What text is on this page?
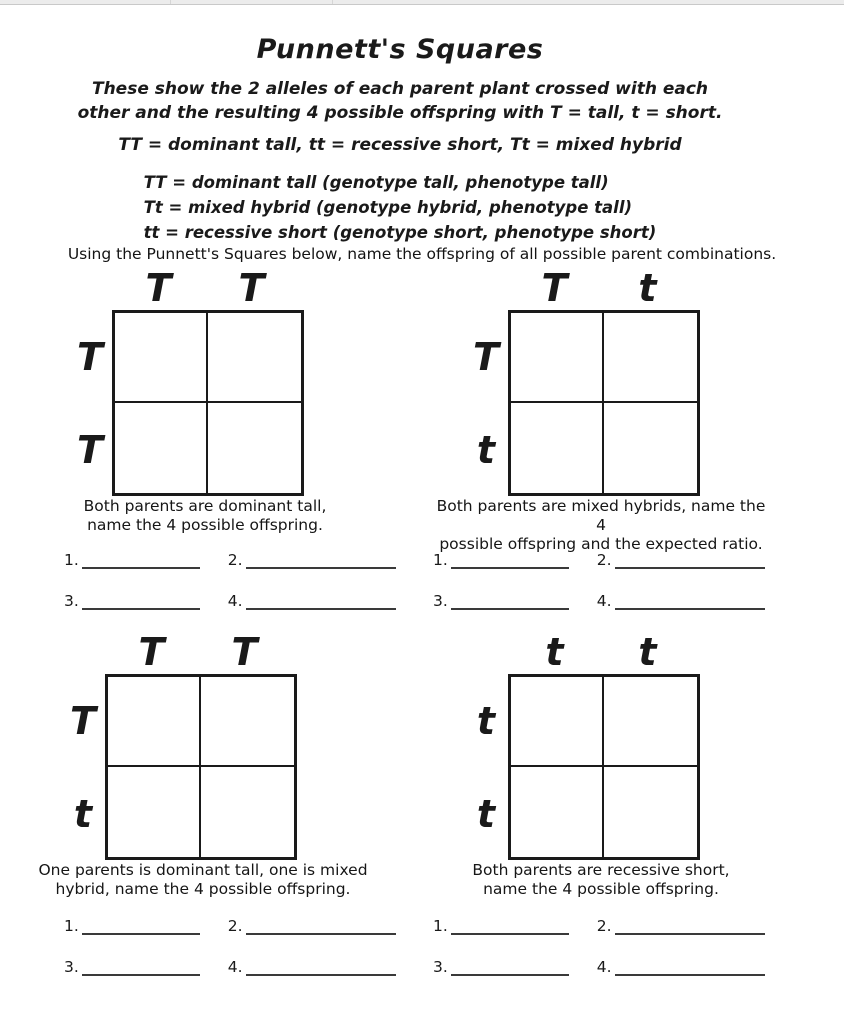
Punnett's Squares
These show the 2 alleles of each parent plant crossed with each
other and the resulting 4 possible offspring with T = tall, t = short.
TT = dominant tall, tt = recessive short, Tt = mixed hybrid
TT = dominant tall (genotype tall, phenotype tall)
Tt = mixed hybrid (genotype hybrid, phenotype tall)
tt = recessive short (genotype short, phenotype short)
Using the Punnett's Squares below, name the offspring of all possible parent combinations.
T	T
T
T
T	t
T
t
Both parents are dominant tall,
name the 4 possible offspring.
Both parents are mixed hybrids, name the 4
possible offspring and the expected ratio.
1.	2.	1.	2.
3.	4.	3.	4.
T	T
T
t
t	t
t
t
One parents is dominant tall, one is mixed
hybrid, name the 4 possible offspring.
Both parents are recessive short,
name the 4 possible offspring.
1.	2.	1.	2.
3.	4.	3.	4.
